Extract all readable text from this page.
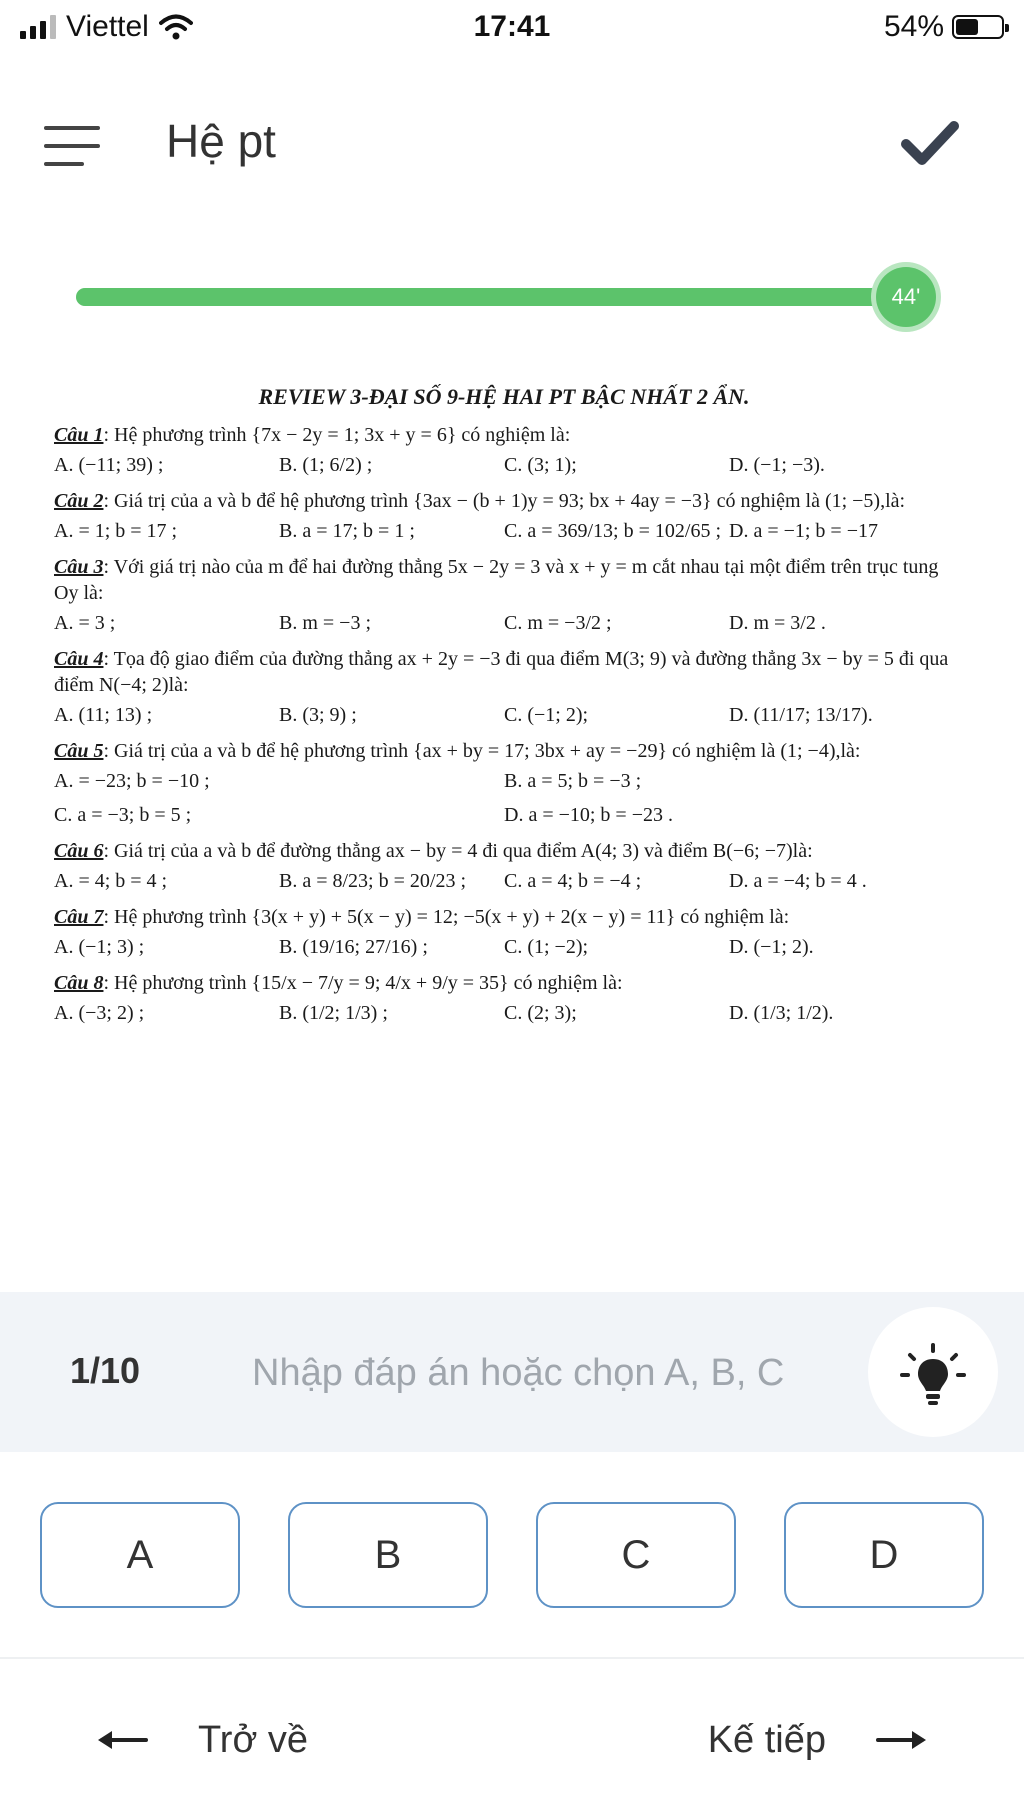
Viettel	17:41	54%
Hệ pt
44'
REVIEW 3-ĐẠI SỐ 9-HỆ HAI PT BẬC NHẤT 2 ẨN.
Câu 1: Hệ phương trình {7x − 2y = 1; 3x + y = 6} có nghiệm là:
A. (−11; 39) ;	B. (1; 6/2) ;	C. (3; 1);	D. (−1; −3).
Câu 2: Giá trị của a và b để hệ phương trình {3ax − (b + 1)y = 93; bx + 4ay = −3} có nghiệm là (1; −5),là:
A. = 1; b = 17 ;	B. a = 17; b = 1 ;	C. a = 369/13; b = 102/65 ; D. a = −1; b = −17
Câu 3: Với giá trị nào của m để hai đường thẳng 5x − 2y = 3 và x + y = m cắt nhau tại một điểm trên trục tung Oy là:
A. = 3 ;	B. m = −3 ;	C. m = −3/2 ;	D. m = 3/2 .
Câu 4: Tọa độ giao điểm của đường thẳng ax + 2y = −3 đi qua điểm M(3; 9) và đường thẳng 3x − by = 5 đi qua điểm N(−4; 2)là:
A. (11; 13) ;	B. (3; 9) ;	C. (−1; 2);	D. (11/17; 13/17).
Câu 5: Giá trị của a và b để hệ phương trình {ax + by = 17; 3bx + ay = −29} có nghiệm là (1; −4),là:
A. = −23; b = −10 ;	B. a = 5; b = −3 ;
C. a = −3; b = 5 ;	D. a = −10; b = −23 .
Câu 6: Giá trị của a và b để đường thẳng ax − by = 4 đi qua điểm A(4; 3) và điểm B(−6; −7)là:
A. = 4; b = 4 ;	B. a = 8/23; b = 20/23 ;	C. a = 4; b = −4 ;	D. a = −4; b = 4 .
Câu 7: Hệ phương trình {3(x + y) + 5(x − y) = 12; −5(x + y) + 2(x − y) = 11} có nghiệm là:
A. (−1; 3) ;	B. (19/16; 27/16) ;	C. (1; −2);	D. (−1; 2).
Câu 8: Hệ phương trình {15/x − 7/y = 9; 4/x + 9/y = 35} có nghiệm là:
A. (−3; 2) ;	B. (1/2; 1/3) ;	C. (2; 3);	D. (1/3; 1/2).
1/10
Nhập đáp án hoặc chọn A, B, C
A	B	C	D
Trở về	Kế tiếp
